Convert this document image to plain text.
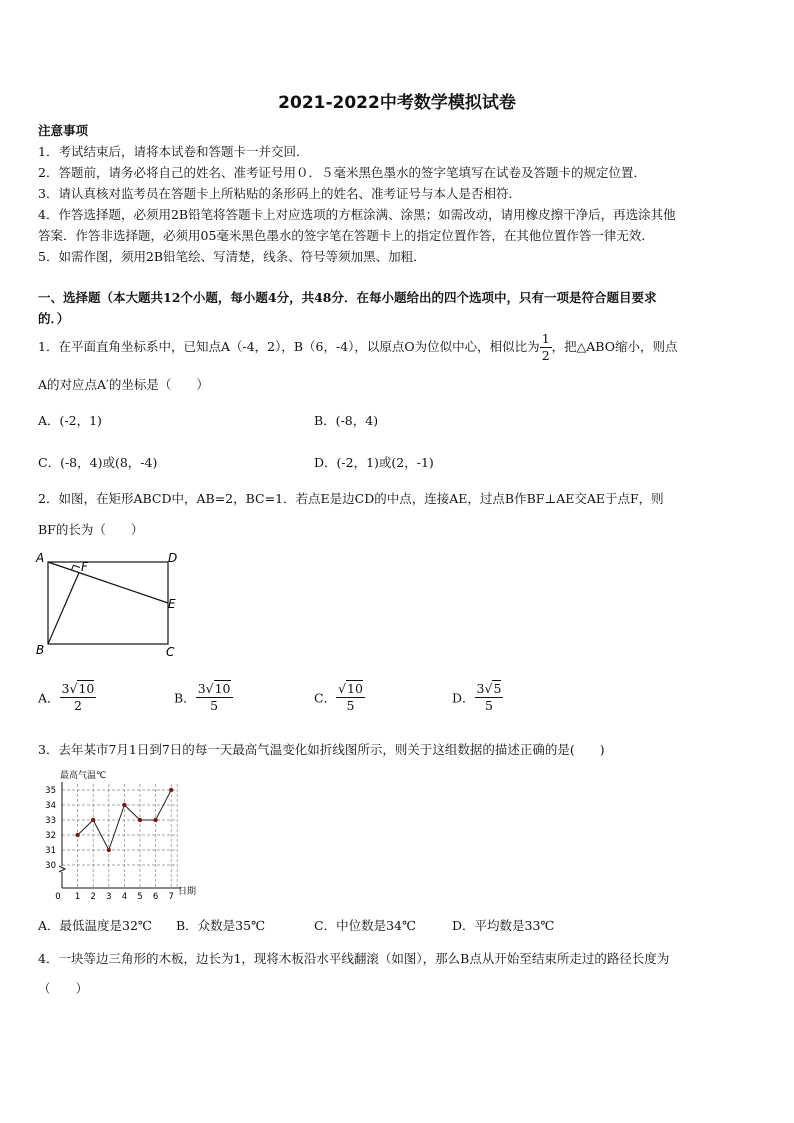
2021-2022中考数学模拟试卷
注意事项
1．考试结束后，请将本试卷和答题卡一并交回．
2．答题前，请务必将自己的姓名、准考证号用０．５毫米黑色墨水的签字笔填写在试卷及答题卡的规定位置．
3．请认真核对监考员在答题卡上所粘贴的条形码上的姓名、准考证号与本人是否相符．
4．作答选择题，必须用2B铅笔将答题卡上对应选项的方框涂满、涂黑；如需改动，请用橡皮擦干净后，再选涂其他
答案．作答非选择题，必须用05毫米黑色墨水的签字笔在答题卡上的指定位置作答，在其他位置作答一律无效．
5．如需作图，须用2B铅笔绘、写清楚，线条、符号等须加黑、加粗．
一、选择题（本大题共12个小题，每小题4分，共48分．在每小题给出的四个选项中，只有一项是符合题目要求
的．）
1．在平面直角坐标系中，已知点A（-4，2），B（6，-4），以原点O为位似中心，相似比为 $\frac{1}{2}$ ，把△ABO缩小，则点
A的对应点A′的坐标是（　　）
A．(-2，1)	B．(-8，4)
C．(-8，4)或(8，-4)	D．(-2，1)或(2，-1)
2．如图，在矩形ABCD中，AB=2，BC=1．若点E是边CD的中点，连接AE，过点B作BF⊥AE交AE于点F，则
BF的长为（　　）
A
F
D
E
B	C
A． $\frac{3√10}{2}$	B． $\frac{3√10}{5}$	C． $\frac{√10}{5}$	D． $\frac{3√5}{5}$
3．去年某市7月1日到7日的每一天最高气温变化如折线图所示，则关于这组数据的描述正确的是(　　)
最高气温℃
日期
30
31
32
33
34
35
0 1 2 3 4 5 6 7
A．最低温度是32℃ B．众数是35℃	C．中位数是34℃	D．平均数是33℃
4．一块等边三角形的木板，边长为1，现将木板沿水平线翻滚（如图），那么B点从开始至结束所走过的路径长度为
（　　）
